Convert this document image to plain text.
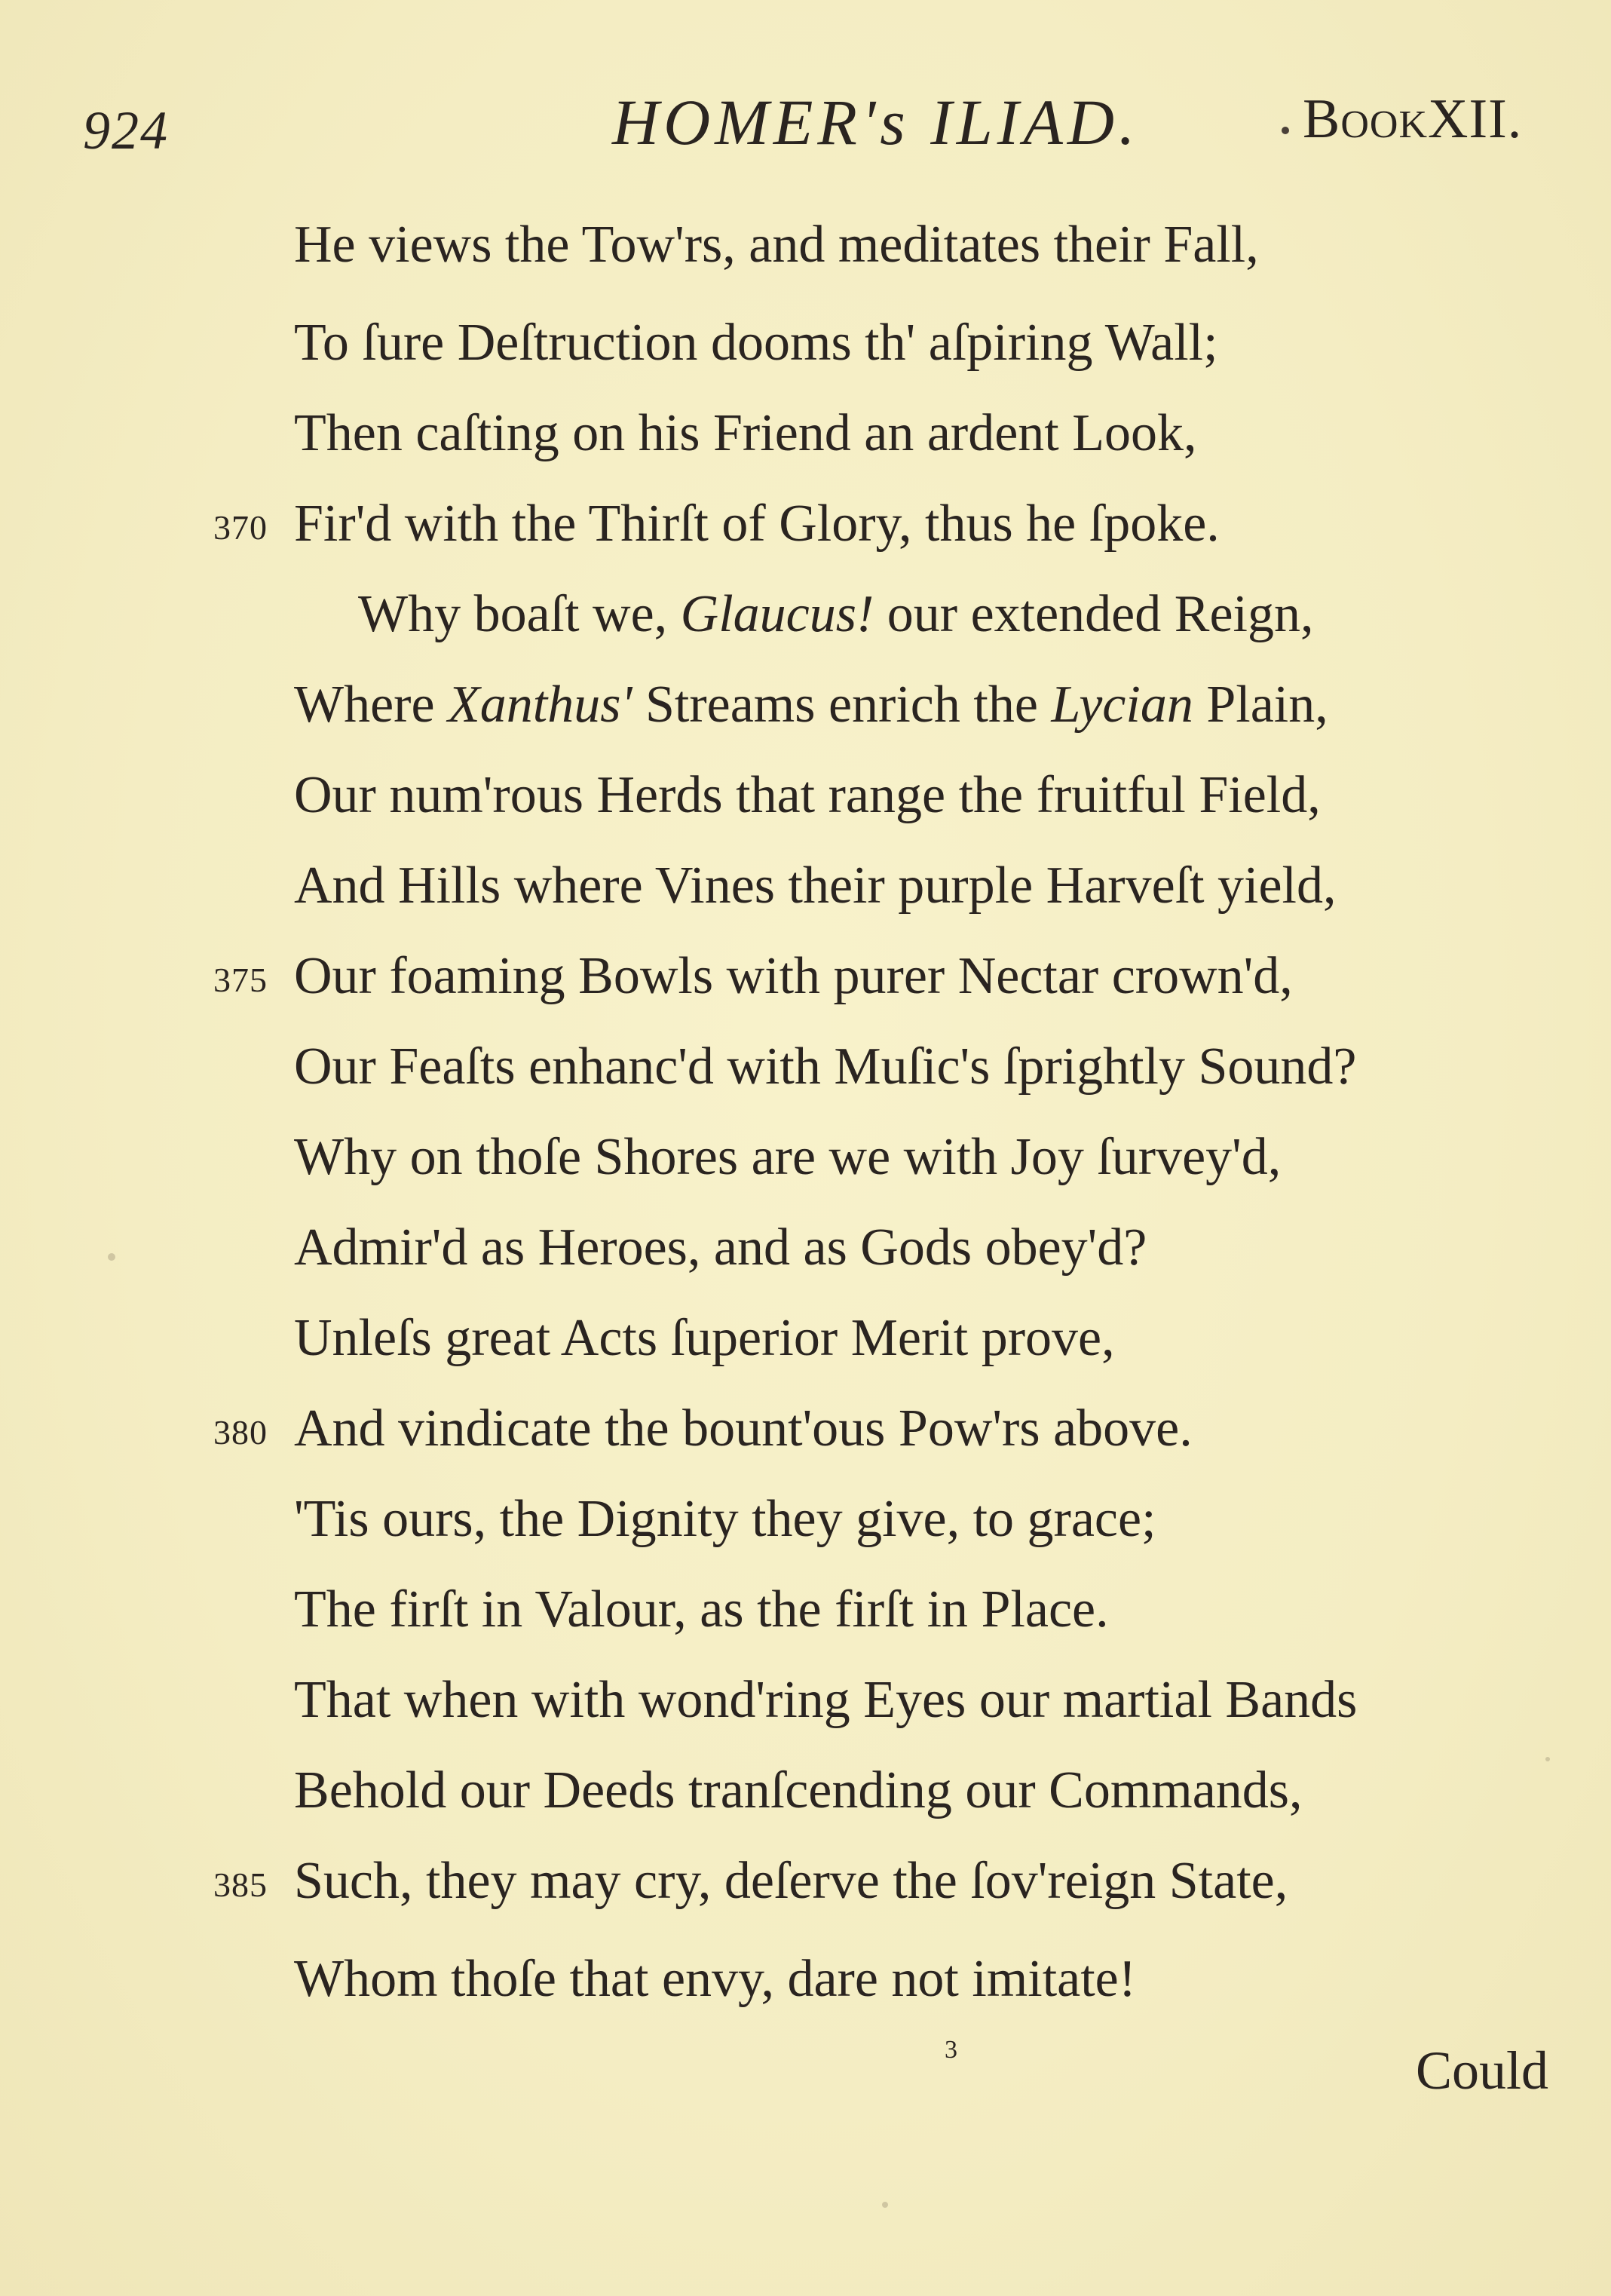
924	HOMER's ILIAD.	BookXII.
He views the Tow'rs, and meditates their Fall,
To ſure Deſtruction dooms th' aſpiring Wall;
Then caſting on his Friend an ardent Look,
370 Fir'd with the Thirſt of Glory, thus he ſpoke.
Why boaſt we, Glaucus! our extended Reign,
Where Xanthus' Streams enrich the Lycian Plain,
Our num'rous Herds that range the fruitful Field,
And Hills where Vines their purple Harveſt yield,
375 Our foaming Bowls with purer Nectar crown'd,
Our Feaſts enhanc'd with Muſic's ſprightly Sound?
Why on thoſe Shores are we with Joy ſurvey'd,
Admir'd as Heroes, and as Gods obey'd?
Unleſs great Acts ſuperior Merit prove,
380 And vindicate the bount'ous Pow'rs above.
'Tis ours, the Dignity they give, to grace;
The firſt in Valour, as the firſt in Place.
That when with wond'ring Eyes our martial Bands
Behold our Deeds tranſcending our Commands,
385 Such, they may cry, deſerve the ſov'reign State,
Whom thoſe that envy, dare not imitate!
3	Could
